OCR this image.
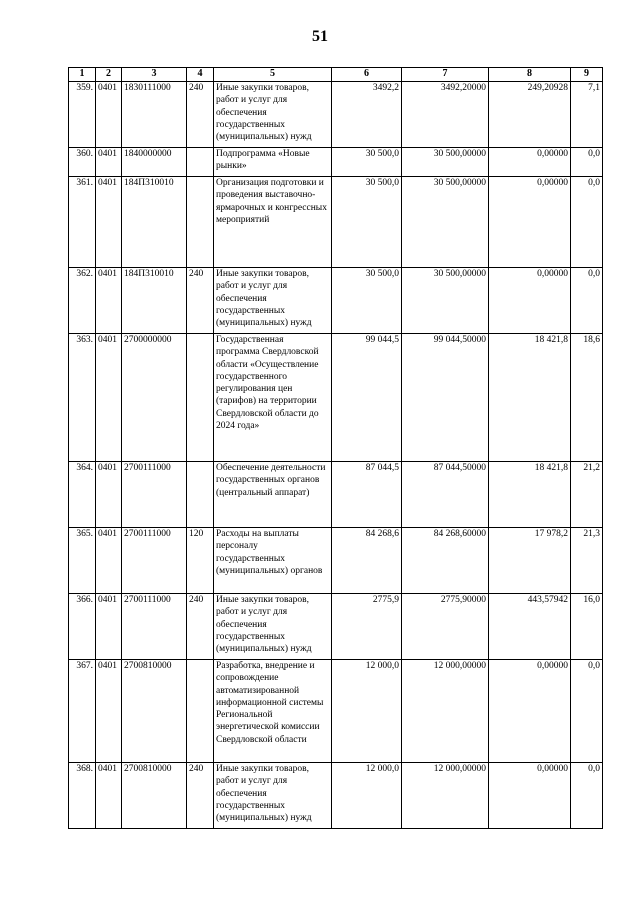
51
1	2	3	4	5	6	7	8	9
359.	0401	1830111000	240	Иные закупки товаров, работ и услуг для обеспечения государственных (муниципальных) нужд	3492,2	3492,20000	249,20928	7,1
360.	0401	1840000000		Подпрограмма «Новые рынки»	30 500,0	30 500,00000	0,00000	0,0
361.	0401	184П310010		Организация подготовки и проведения выставочно-ярмарочных и конгрессных мероприятий	30 500,0	30 500,00000	0,00000	0,0
362.	0401	184П310010	240	Иные закупки товаров, работ и услуг для обеспечения государственных (муниципальных) нужд	30 500,0	30 500,00000	0,00000	0,0
363.	0401	2700000000		Государственная программа Свердловской области «Осуществление государственного регулирования цен (тарифов) на территории Свердловской области до 2024 года»	99 044,5	99 044,50000	18 421,8	18,6
364.	0401	2700111000		Обеспечение деятельности государственных органов (центральный аппарат)	87 044,5	87 044,50000	18 421,8	21,2
365.	0401	2700111000	120	Расходы на выплаты персоналу государственных (муниципальных) органов	84 268,6	84 268,60000	17 978,2	21,3
366.	0401	2700111000	240	Иные закупки товаров, работ и услуг для обеспечения государственных (муниципальных) нужд	2775,9	2775,90000	443,57942	16,0
367.	0401	2700810000		Разработка, внедрение и сопровождение автоматизированной информационной системы Региональной энергетической комиссии Свердловской области	12 000,0	12 000,00000	0,00000	0,0
368.	0401	2700810000	240	Иные закупки товаров, работ и услуг для обеспечения государственных (муниципальных) нужд	12 000,0	12 000,00000	0,00000	0,0
